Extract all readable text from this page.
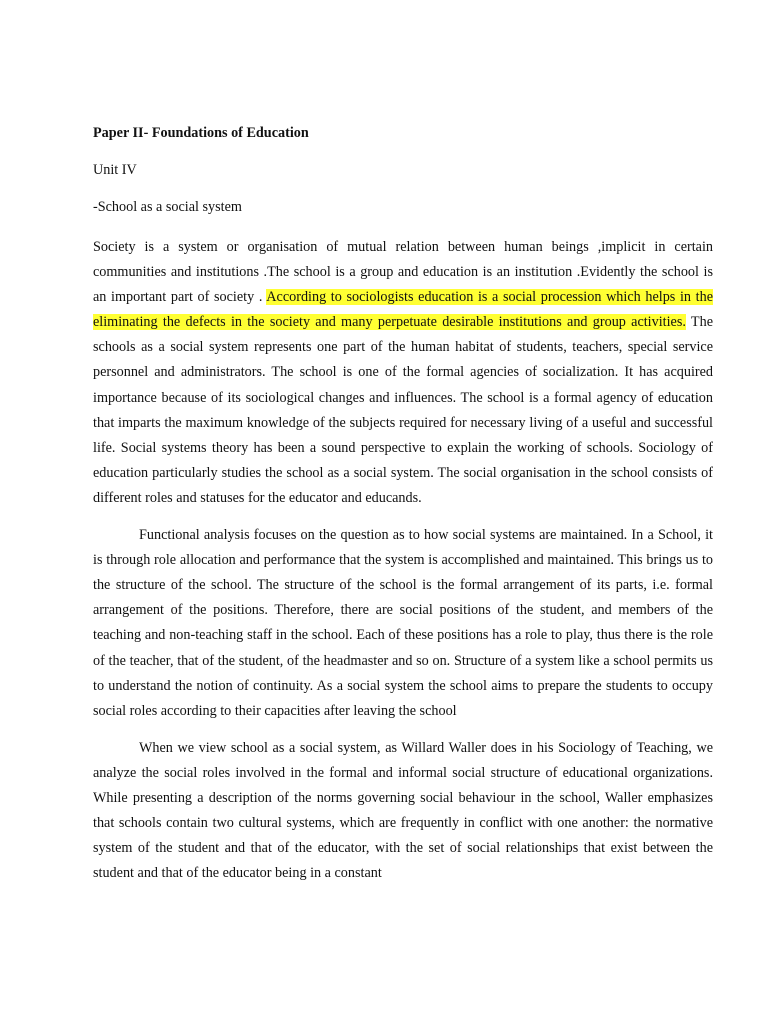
Paper II- Foundations of Education
Unit IV
-School as a social system

Society is a system or organisation of mutual relation between human beings ,implicit in certain communities and institutions .The school is a group and education is an institution .Evidently the school is an important part of society . According to sociologists education is a social procession which helps in the eliminating the defects in the society and many perpetuate desirable institutions and group activities. The schools as a social system represents one part of the human habitat of students, teachers, special service personnel and administrators. The school is one of the formal agencies of socialization. It has acquired importance because of its sociological changes and influences. The school is a formal agency of education that imparts the maximum knowledge of the subjects required for necessary living of a useful and successful life. Social systems theory has been a sound perspective to explain the working of schools. Sociology of education particularly studies the school as a social system. The social organisation in the school consists of different roles and statuses for the educator and educands.

Functional analysis focuses on the question as to how social systems are maintained. In a School, it is through role allocation and performance that the system is accomplished and maintained. This brings us to the structure of the school. The structure of the school is the formal arrangement of its parts, i.e. formal arrangement of the positions. Therefore, there are social positions of the student, and members of the teaching and non-teaching staff in the school. Each of these positions has a role to play, thus there is the role of the teacher, that of the student, of the headmaster and so on. Structure of a system like a school permits us to understand the notion of continuity. As a social system the school aims to prepare the students to occupy social roles according to their capacities after leaving the school

When we view school as a social system, as Willard Waller does in his Sociology of Teaching, we analyze the social roles involved in the formal and informal social structure of educational organizations. While presenting a description of the norms governing social behaviour in the school, Waller emphasizes that schools contain two cultural systems, which are frequently in conflict with one another: the normative system of the student and that of the educator, with the set of social relationships that exist between the student and that of the educator being in a constant
